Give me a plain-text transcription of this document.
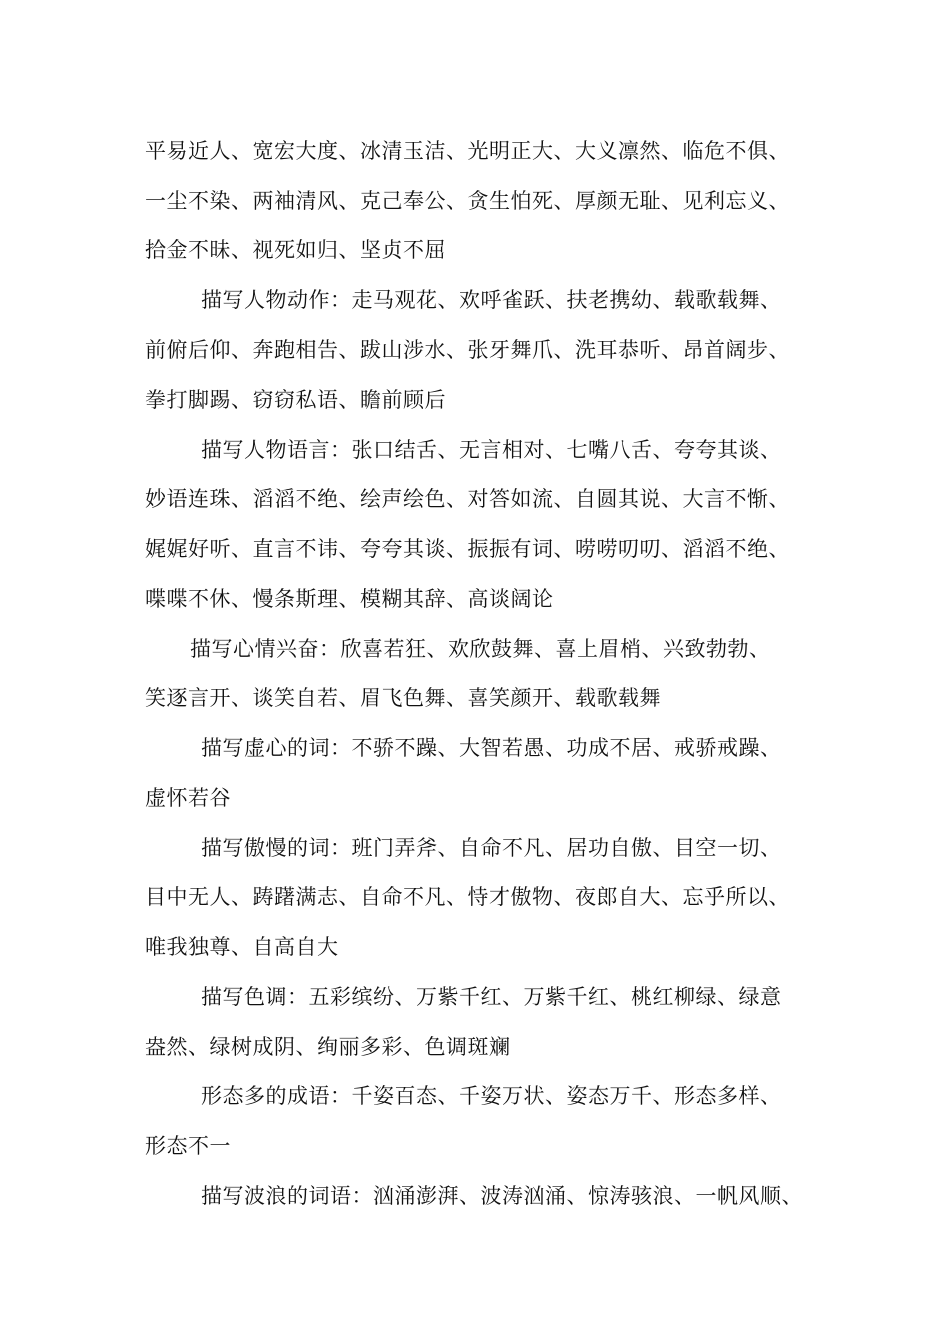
平易近人、宽宏大度、冰清玉洁、光明正大、大义凛然、临危不俱、
一尘不染、两袖清风、克己奉公、贪生怕死、厚颜无耻、见利忘义、
拾金不昧、视死如归、坚贞不屈
描写人物动作：走马观花、欢呼雀跃、扶老携幼、载歌载舞、
前俯后仰、奔跑相告、跋山涉水、张牙舞爪、洗耳恭听、昂首阔步、
拳打脚踢、窃窃私语、瞻前顾后
描写人物语言：张口结舌、无言相对、七嘴八舌、夸夸其谈、
妙语连珠、滔滔不绝、绘声绘色、对答如流、自圆其说、大言不惭、
娓娓好听、直言不讳、夸夸其谈、振振有词、唠唠叨叨、滔滔不绝、
喋喋不休、慢条斯理、模糊其辞、高谈阔论
描写心情兴奋：欣喜若狂、欢欣鼓舞、喜上眉梢、兴致勃勃、
笑逐言开、谈笑自若、眉飞色舞、喜笑颜开、载歌载舞
描写虚心的词：不骄不躁、大智若愚、功成不居、戒骄戒躁、
虚怀若谷
描写傲慢的词：班门弄斧、自命不凡、居功自傲、目空一切、
目中无人、踌躇满志、自命不凡、恃才傲物、夜郎自大、忘乎所以、
唯我独尊、自高自大
描写色调：五彩缤纷、万紫千红、万紫千红、桃红柳绿、绿意
盎然、绿树成阴、绚丽多彩、色调斑斓
形态多的成语：千姿百态、千姿万状、姿态万千、形态多样、
形态不一
描写波浪的词语：汹涌澎湃、波涛汹涌、惊涛骇浪、一帆风顺、
